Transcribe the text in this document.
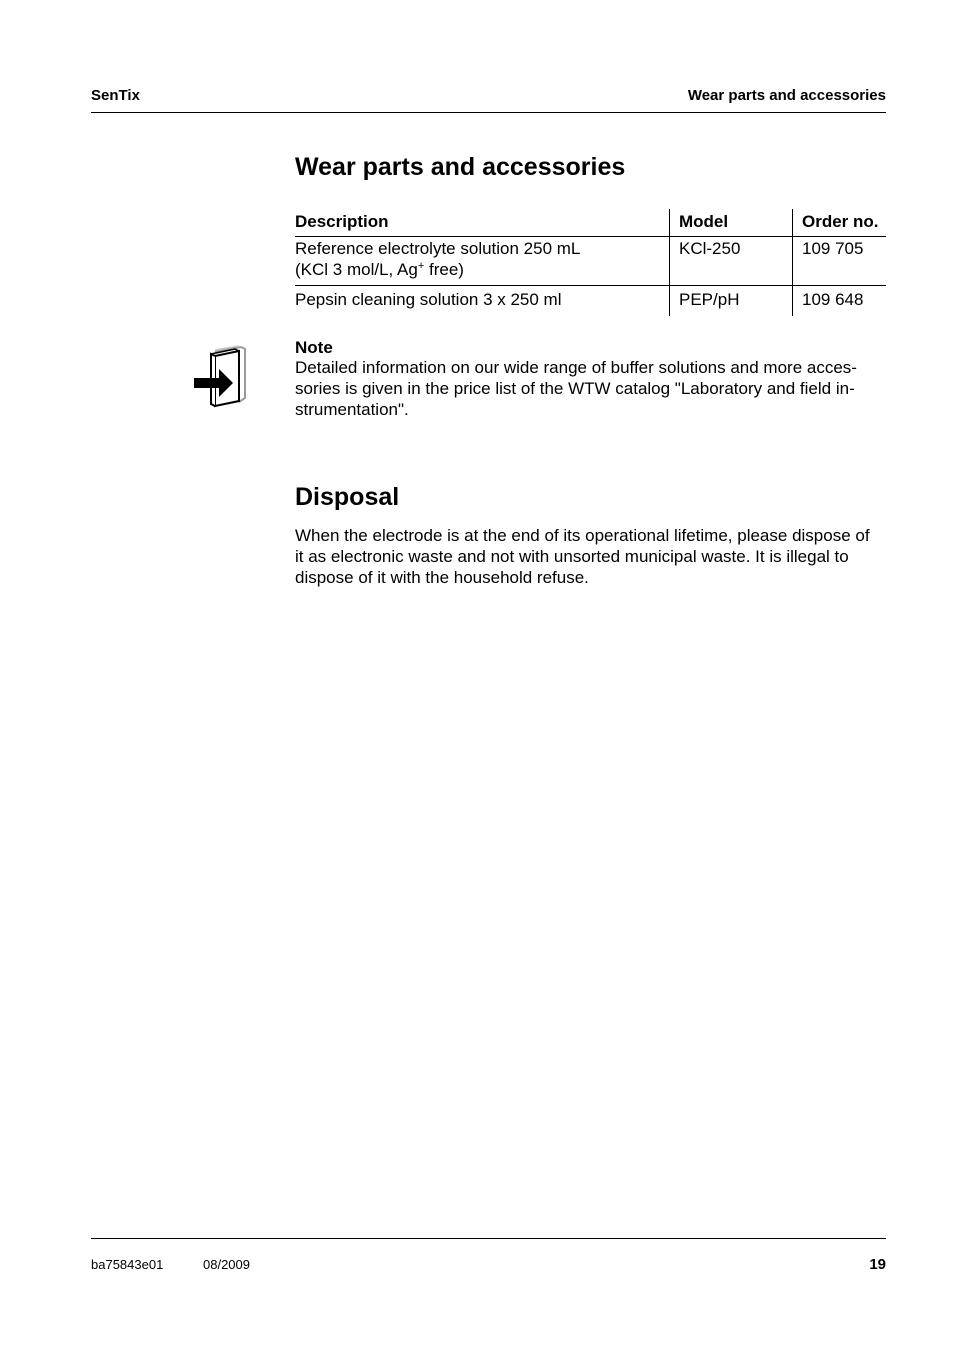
SenTix	Wear parts and accessories
Wear parts and accessories
Description	Model	Order no.
Reference electrolyte solution 250 mL
(KCl 3 mol/L, Ag+ free)	KCl-250	109 705
Pepsin cleaning solution 3 x 250 ml	PEP/pH	109 648
Note
Detailed information on our wide range of buffer solutions and more acces-
sories is given in the price list of the WTW catalog "Laboratory and field in-
strumentation".
Disposal
When the electrode is at the end of its operational lifetime, please dispose of
it as electronic waste and not with unsorted municipal waste. It is illegal to
dispose of it with the household refuse.
ba75843e01	08/2009	19
